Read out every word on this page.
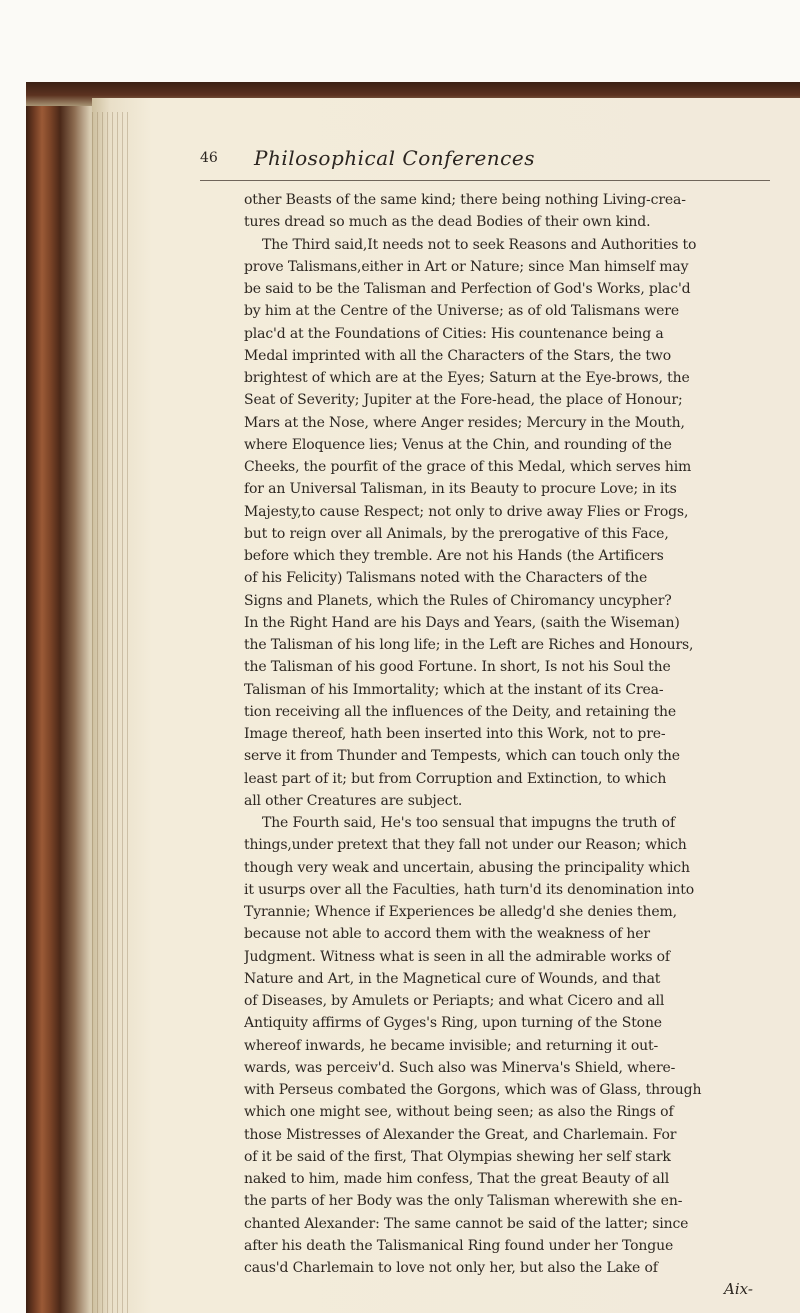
46 Philosophical Conferences
other Beasts of the same kind; there being nothing Living-crea-
tures dread so much as the dead Bodies of their own kind.
The Third said,It needs not to seek Reasons and Authorities to
prove Talismans,either in Art or Nature; since Man himself may
be said to be the Talisman and Perfection of God's Works, plac'd
by him at the Centre of the Universe; as of old Talismans were
plac'd at the Foundations of Cities: His countenance being a
Medal imprinted with all the Characters of the Stars, the two
brightest of which are at the Eyes; Saturn at the Eye-brows, the
Seat of Severity; Jupiter at the Fore-head, the place of Honour;
Mars at the Nose, where Anger resides; Mercury in the Mouth,
where Eloquence lies; Venus at the Chin, and rounding of the
Cheeks, the pourfit of the grace of this Medal, which serves him
for an Universal Talisman, in its Beauty to procure Love; in its
Majesty,to cause Respect; not only to drive away Flies or Frogs,
but to reign over all Animals, by the prerogative of this Face,
before which they tremble. Are not his Hands (the Artificers
of his Felicity) Talismans noted with the Characters of the
Signs and Planets, which the Rules of Chiromancy uncypher?
In the Right Hand are his Days and Years, (saith the Wiseman)
the Talisman of his long life; in the Left are Riches and Honours,
the Talisman of his good Fortune. In short, Is not his Soul the
Talisman of his Immortality; which at the instant of its Crea-
tion receiving all the influences of the Deity, and retaining the
Image thereof, hath been inserted into this Work, not to pre-
serve it from Thunder and Tempests, which can touch only the
least part of it; but from Corruption and Extinction, to which
all other Creatures are subject.
The Fourth said, He's too sensual that impugns the truth of
things,under pretext that they fall not under our Reason; which
though very weak and uncertain, abusing the principality which
it usurps over all the Faculties, hath turn'd its denomination into
Tyrannie; Whence if Experiences be alledg'd she denies them,
because not able to accord them with the weakness of her
Judgment. Witness what is seen in all the admirable works of
Nature and Art, in the Magnetical cure of Wounds, and that
of Diseases, by Amulets or Periapts; and what Cicero and all
Antiquity affirms of Gyges's Ring, upon turning of the Stone
whereof inwards, he became invisible; and returning it out-
wards, was perceiv'd. Such also was Minerva's Shield, where-
with Perseus combated the Gorgons, which was of Glass, through
which one might see, without being seen; as also the Rings of
those Mistresses of Alexander the Great, and Charlemain. For
of it be said of the first, That Olympias shewing her self stark
naked to him, made him confess, That the great Beauty of all
the parts of her Body was the only Talisman wherewith she en-
chanted Alexander: The same cannot be said of the latter; since
after his death the Talismanical Ring found under her Tongue
caus'd Charlemain to love not only her, but also the Lake of
Aix-
